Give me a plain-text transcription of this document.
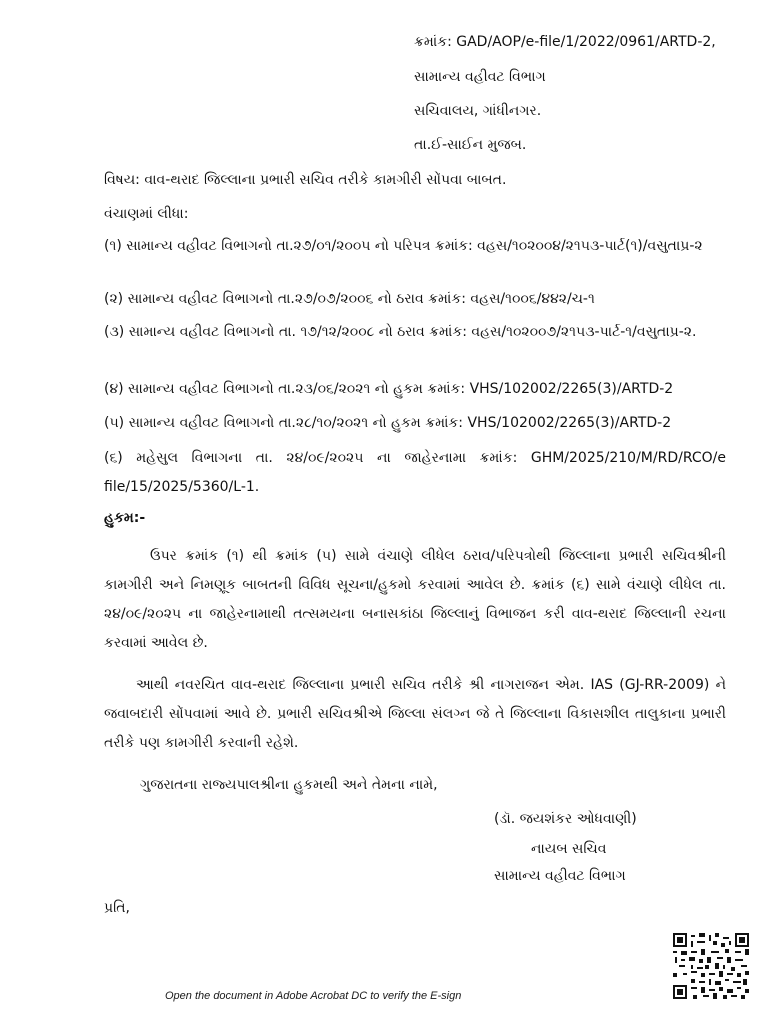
ક્રમાંક: GAD/AOP/e-file/1/2022/0961/ARTD-2,
સામાન્ય વહીવટ વિભાગ
સચિવાલય, ગાંધીનગર.
તા.ઈ-સાઈન મુજબ.
વિષય: વાવ-થરાદ જિલ્લાના પ્રભારી સચિવ તરીકે કામગીરી સોંપવા બાબત.
વંચાણમાં લીધા:
(૧) સામાન્ય વહીવટ વિભાગનો તા.૨૭/૦૧/૨૦૦૫ નો પરિપત્ર ક્રમાંક: વહસ/૧૦૨૦૦૪/૨૧૫૩-પાર્ટ(૧)/વસુતાપ્ર-૨
(૨) સામાન્ય વહીવટ વિભાગનો તા.૨૭/૦૭/૨૦૦૬ નો ઠરાવ ક્રમાંક: વહસ/૧૦૦૬/૪૪૨/ચ-૧
(૩) સામાન્ય વહીવટ વિભાગનો તા. ૧૭/૧૨/૨૦૦૮ નો ઠરાવ ક્રમાંક: વહસ/૧૦૨૦૦૭/૨૧૫૩-પાર્ટ-૧/વસુતાપ્ર-૨.
(૪) સામાન્ય વહીવટ વિભાગનો તા.૨૩/૦૬/૨૦૨૧ નો હુકમ ક્રમાંક: VHS/102002/2265(3)/ARTD-2
(૫) સામાન્ય વહીવટ વિભાગનો તા.૨૮/૧૦/૨૦૨૧ નો હુકમ ક્રમાંક: VHS/102002/2265(3)/ARTD-2
(૬) મહેસુલ વિભાગના તા. ૨૪/૦૯/૨૦૨૫ ના જાહેરનામા ક્રમાંક: GHM/2025/210/M/RD/RCO/e file/15/2025/5360/L-1.
હુકમ:-

ઉપર ક્રમાંક (૧) થી ક્રમાંક (૫) સામે વંચાણે લીધેલ ઠરાવ/પરિપત્રોથી જિલ્લાના પ્રભારી સચિવશ્રીની કામગીરી અને નિમણૂક બાબતની વિવિધ સૂચના/હુકમો કરવામાં આવેલ છે. ક્રમાંક (૬) સામે વંચાણે લીધેલ તા. ૨૪/૦૯/૨૦૨૫ ના જાહેરનામાથી તત્સમયના બનાસકાંઠા જિલ્લાનું વિભાજન કરી વાવ-થરાદ જિલ્લાની રચના કરવામાં આવેલ છે.

આથી નવરચિત વાવ-થરાદ જિલ્લાના પ્રભારી સચિવ તરીકે શ્રી નાગરાજન એમ. IAS (GJ-RR-2009) ને જવાબદારી સોંપવામાં આવે છે. પ્રભારી સચિવશ્રીએ જિલ્લા સંલગ્ન જે તે જિલ્લાના વિકાસશીલ તાલુકાના પ્રભારી તરીકે પણ કામગીરી કરવાની રહેશે.

ગુજરાતના રાજ્યપાલશ્રીના હુકમથી અને તેમના નામે,
(ડૉ. જયશંકર ઓધવાણી)
નાયબ સચિવ
સામાન્ય વહીવટ વિભાગ
પ્રતિ,
Open the document in Adobe Acrobat DC to verify the E-sign
